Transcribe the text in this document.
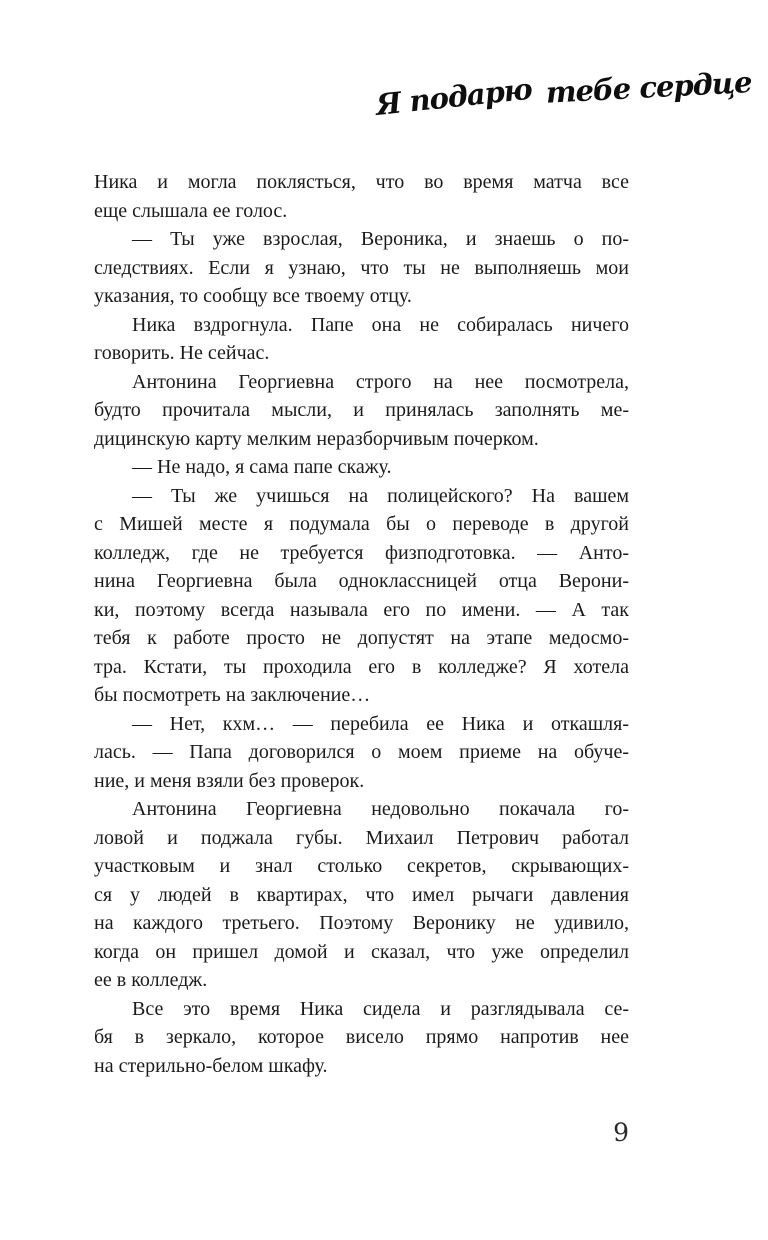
Я подарю тебе сердце
Ника и могла поклясться, что во время матча все
еще слышала ее голос.
— Ты уже взрослая, Вероника, и знаешь о по-
следствиях. Если я узнаю, что ты не выполняешь мои
указания, то сообщу все твоему отцу.
Ника вздрогнула. Папе она не собиралась ничего
говорить. Не сейчас.
Антонина Георгиевна строго на нее посмотрела,
будто прочитала мысли, и принялась заполнять ме-
дицинскую карту мелким неразборчивым почерком.
— Не надо, я сама папе скажу.
— Ты же учишься на полицейского? На вашем
с Мишей месте я подумала бы о переводе в другой
колледж, где не требуется физподготовка. — Анто-
нина Георгиевна была одноклассницей отца Верони-
ки, поэтому всегда называла его по имени. — А так
тебя к работе просто не допустят на этапе медосмо-
тра. Кстати, ты проходила его в колледже? Я хотела
бы посмотреть на заключение…
— Нет, кхм… — перебила ее Ника и откашля-
лась. — Папа договорился о моем приеме на обуче-
ние, и меня взяли без проверок.
Антонина Георгиевна недовольно покачала го-
ловой и поджала губы. Михаил Петрович работал
участковым и знал столько секретов, скрывающих-
ся у людей в квартирах, что имел рычаги давления
на каждого третьего. Поэтому Веронику не удивило,
когда он пришел домой и сказал, что уже определил
ее в колледж.
Все это время Ника сидела и разглядывала се-
бя в зеркало, которое висело прямо напротив нее
на стерильно-белом шкафу.
9
